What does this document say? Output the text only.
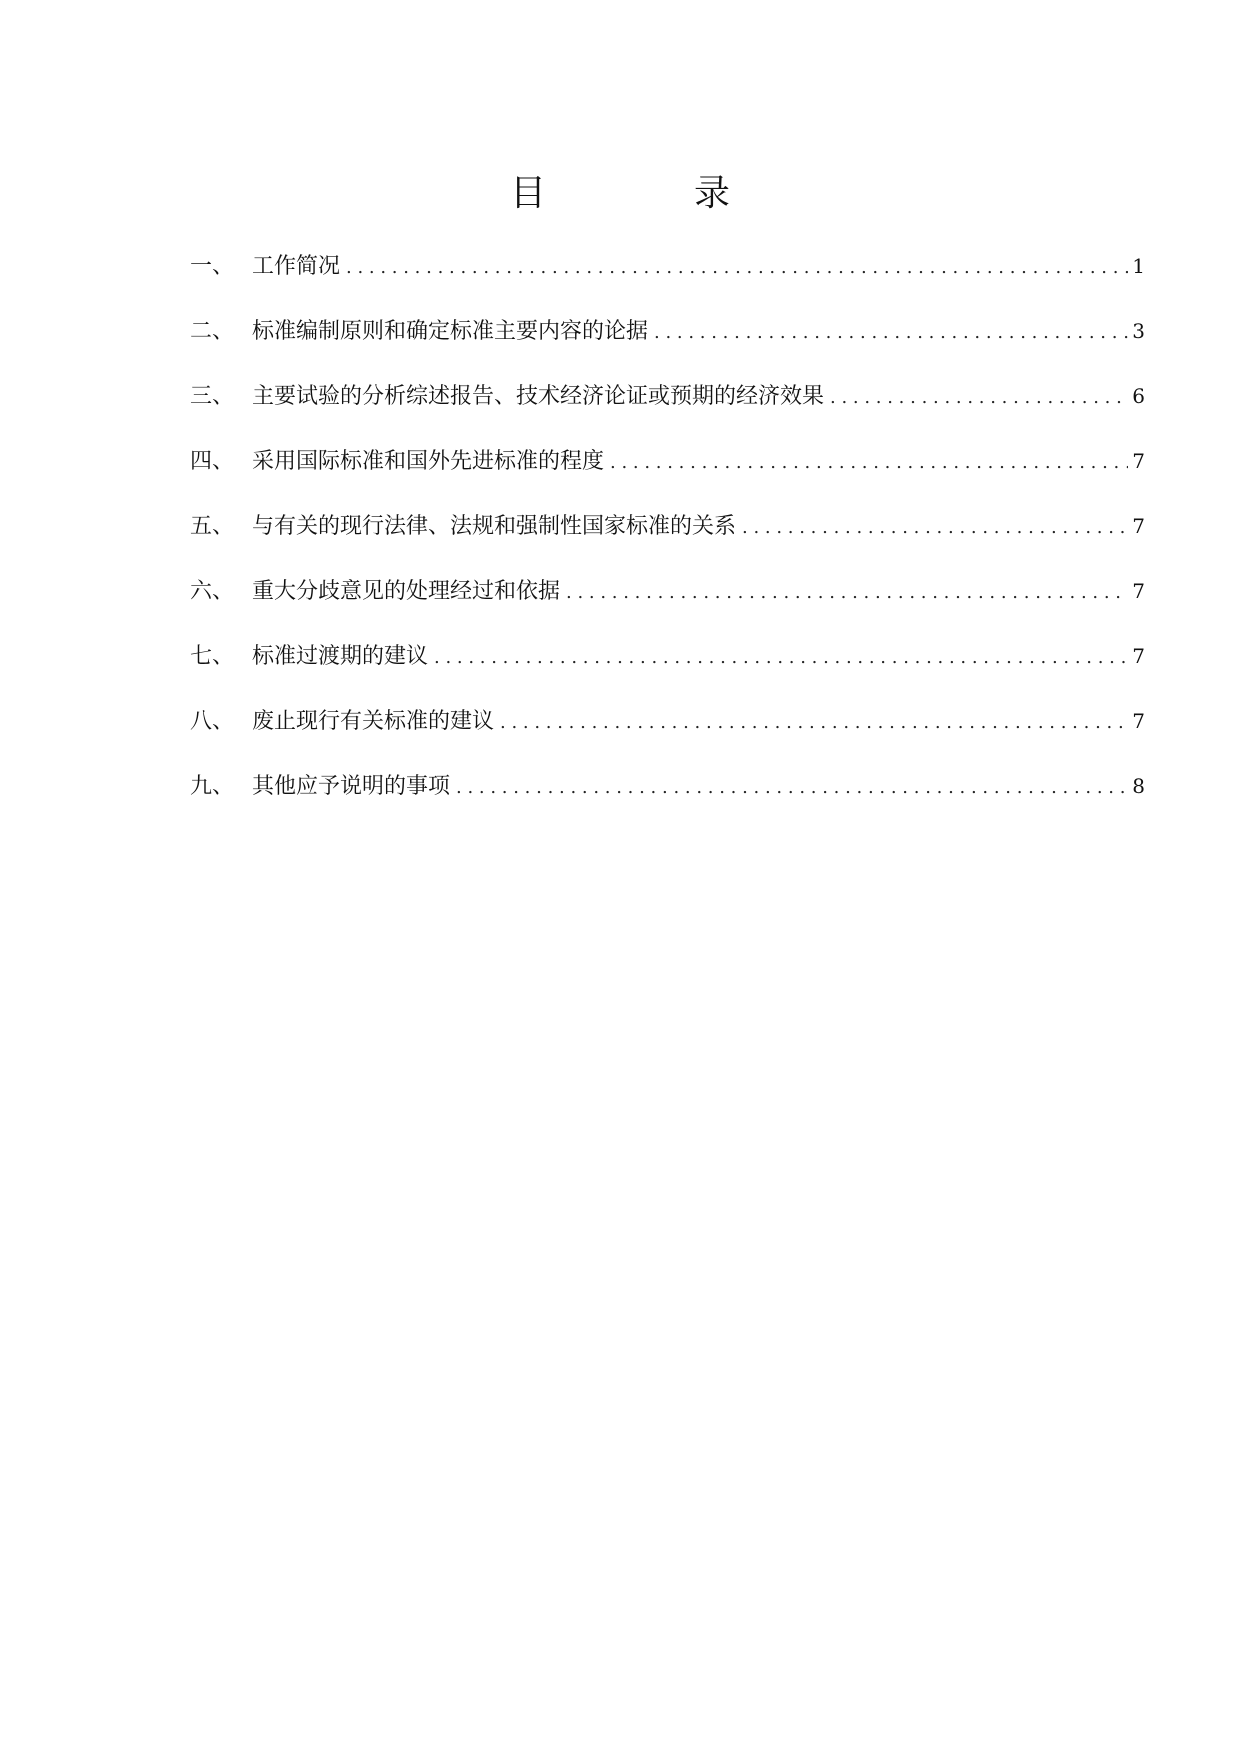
目　录
一、 工作简况 . . .	1
二、 标准编制原则和确定标准主要内容的论据 . . .	3
三、 主要试验的分析综述报告、技术经济论证或预期的经济效果 . . .	6
四、 采用国际标准和国外先进标准的程度 . . .	7
五、 与有关的现行法律、法规和强制性国家标准的关系 . . .	7
六、 重大分歧意见的处理经过和依据 . . .	7
七、 标准过渡期的建议 . . .	7
八、 废止现行有关标准的建议 . . .	7
九、 其他应予说明的事项 . . .	8
